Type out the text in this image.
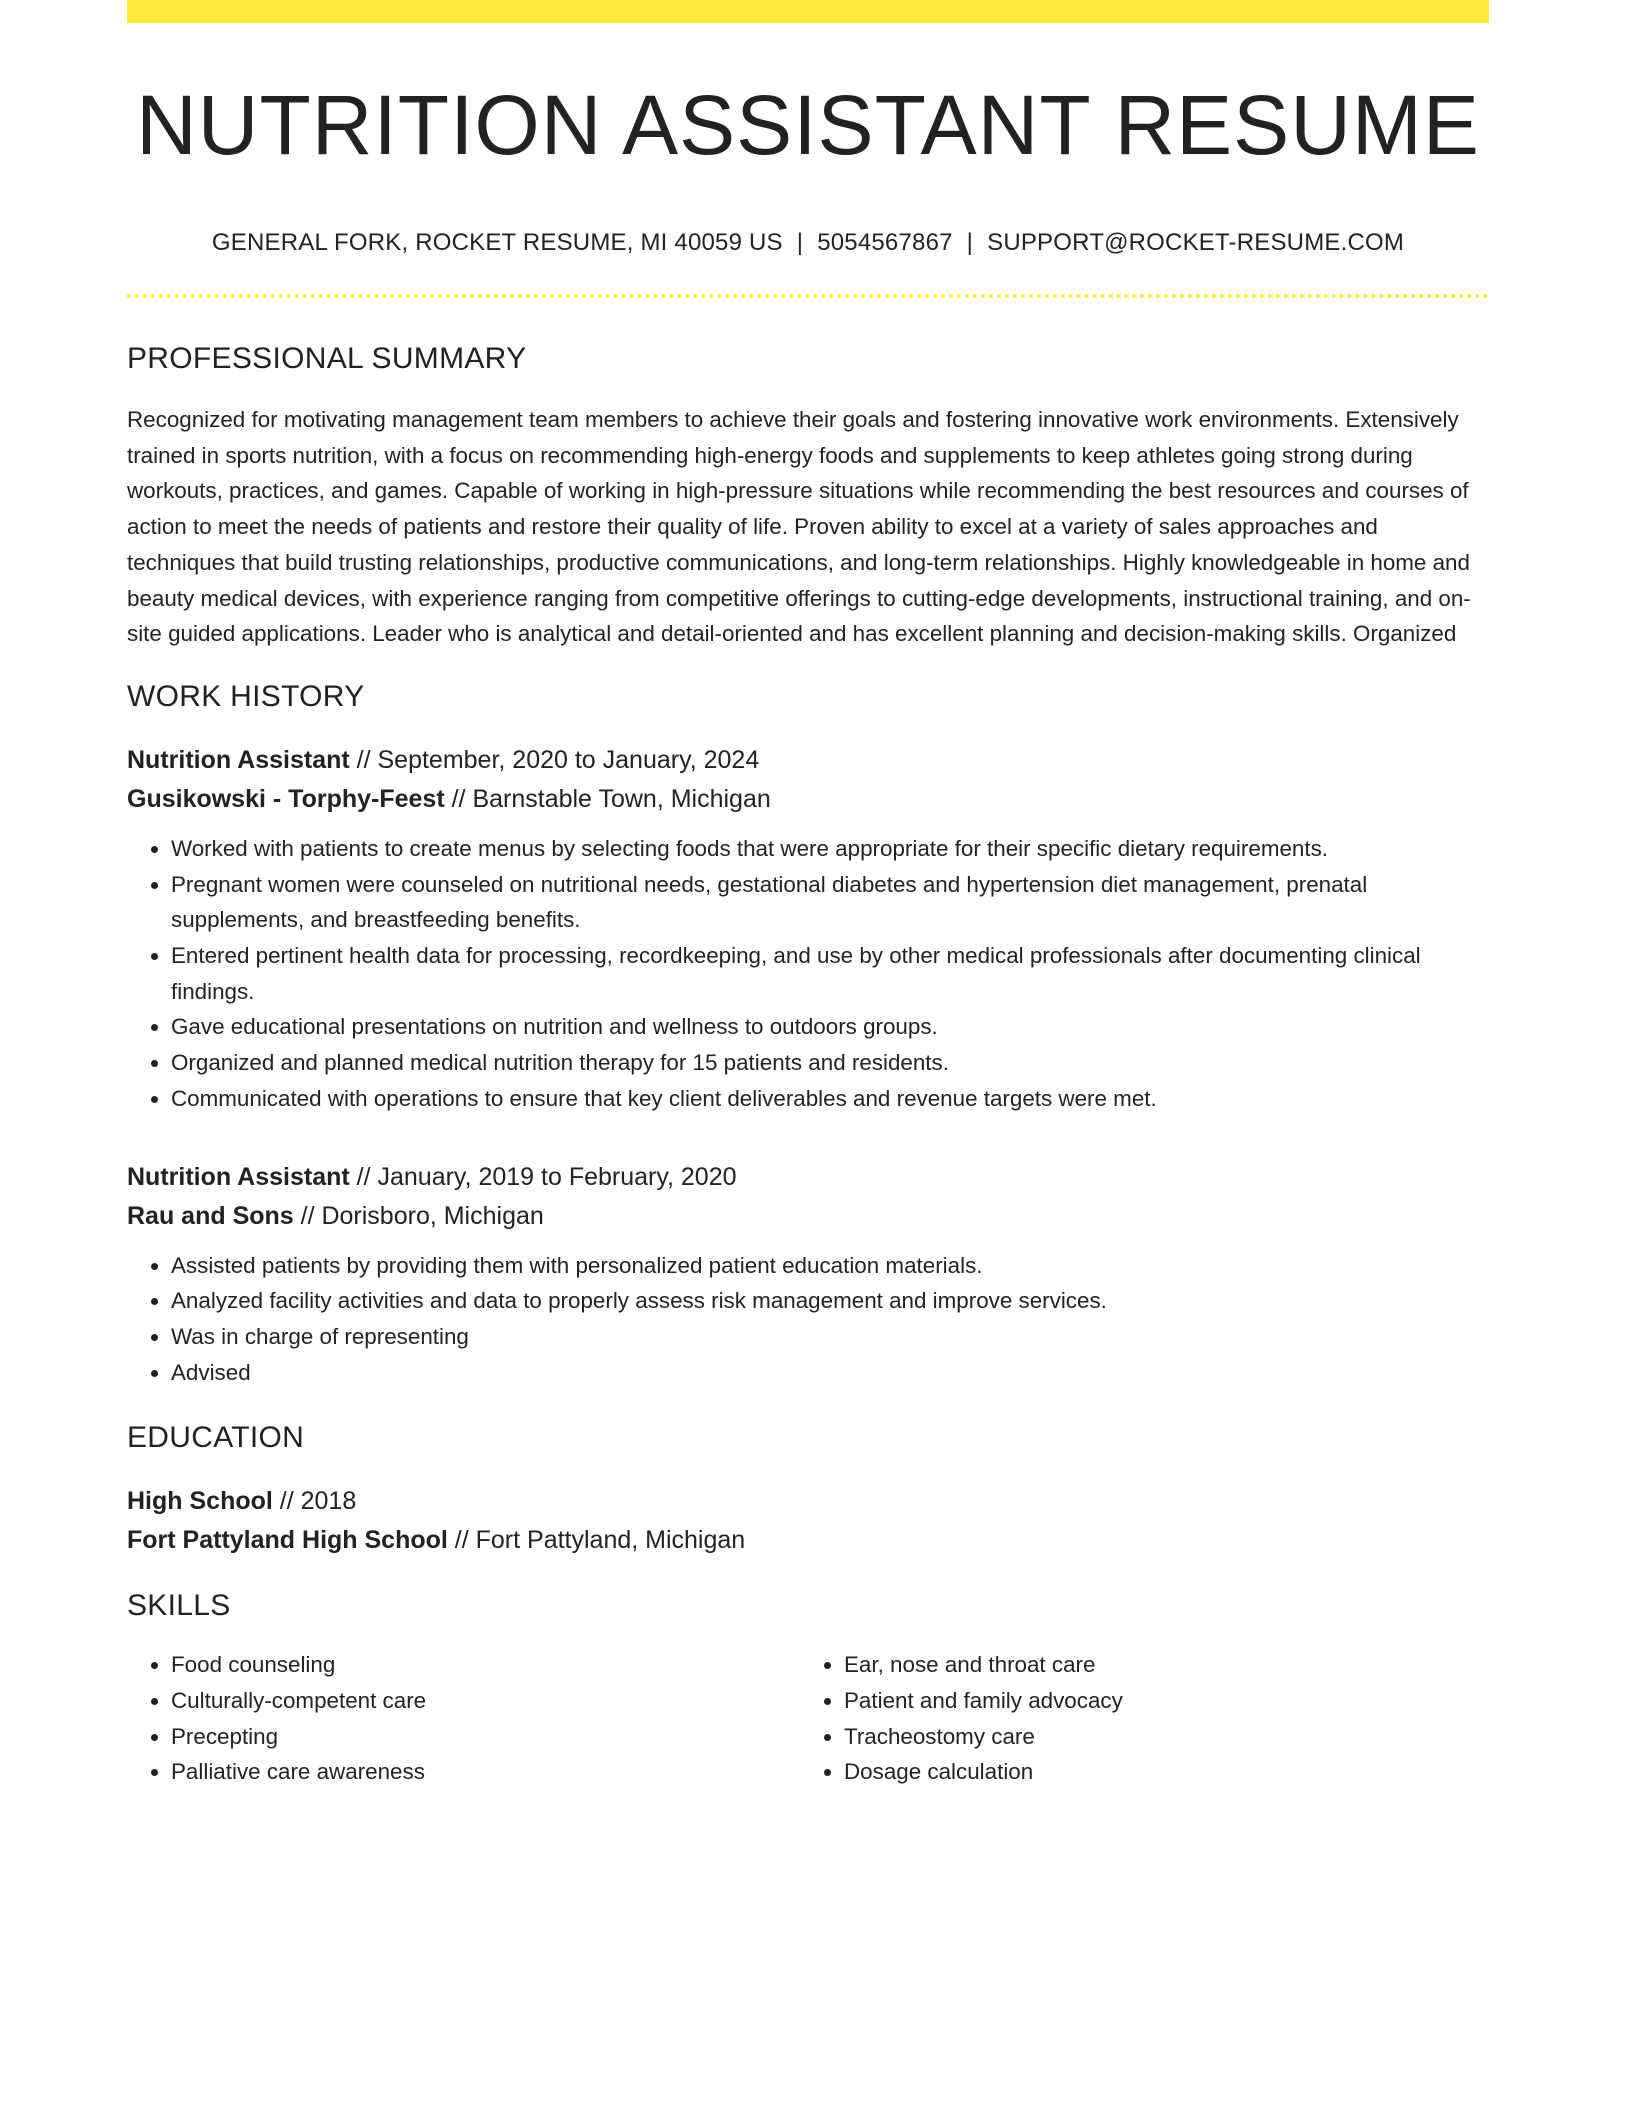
NUTRITION ASSISTANT RESUME
GENERAL FORK, ROCKET RESUME, MI 40059 US | 5054567867 | SUPPORT@ROCKET-RESUME.COM
PROFESSIONAL SUMMARY

Recognized for motivating management team members to achieve their goals and fostering innovative work environments. Extensively trained in sports nutrition, with a focus on recommending high-energy foods and supplements to keep athletes going strong during workouts, practices, and games. Capable of working in high-pressure situations while recommending the best resources and courses of action to meet the needs of patients and restore their quality of life. Proven ability to excel at a variety of sales approaches and techniques that build trusting relationships, productive communications, and long-term relationships. Highly knowledgeable in home and beauty medical devices, with experience ranging from competitive offerings to cutting-edge developments, instructional training, and on-site guided applications. Leader who is analytical and detail-oriented and has excellent planning and decision-making skills. Organized

WORK HISTORY
Nutrition Assistant // September, 2020 to January, 2024
Gusikowski - Torphy-Feest // Barnstable Town, Michigan
• Worked with patients to create menus by selecting foods that were appropriate for their specific dietary requirements.
• Pregnant women were counseled on nutritional needs, gestational diabetes and hypertension diet management, prenatal supplements, and breastfeeding benefits.
• Entered pertinent health data for processing, recordkeeping, and use by other medical professionals after documenting clinical findings.
• Gave educational presentations on nutrition and wellness to outdoors groups.
• Organized and planned medical nutrition therapy for 15 patients and residents.
• Communicated with operations to ensure that key client deliverables and revenue targets were met.
Nutrition Assistant // January, 2019 to February, 2020
Rau and Sons // Dorisboro, Michigan
• Assisted patients by providing them with personalized patient education materials.
• Analyzed facility activities and data to properly assess risk management and improve services.
• Was in charge of representing
• Advised
EDUCATION
High School // 2018
Fort Pattyland High School // Fort Pattyland, Michigan
SKILLS
• Food counseling
• Culturally-competent care
• Precepting
• Palliative care awareness
• Ear, nose and throat care
• Patient and family advocacy
• Tracheostomy care
• Dosage calculation
